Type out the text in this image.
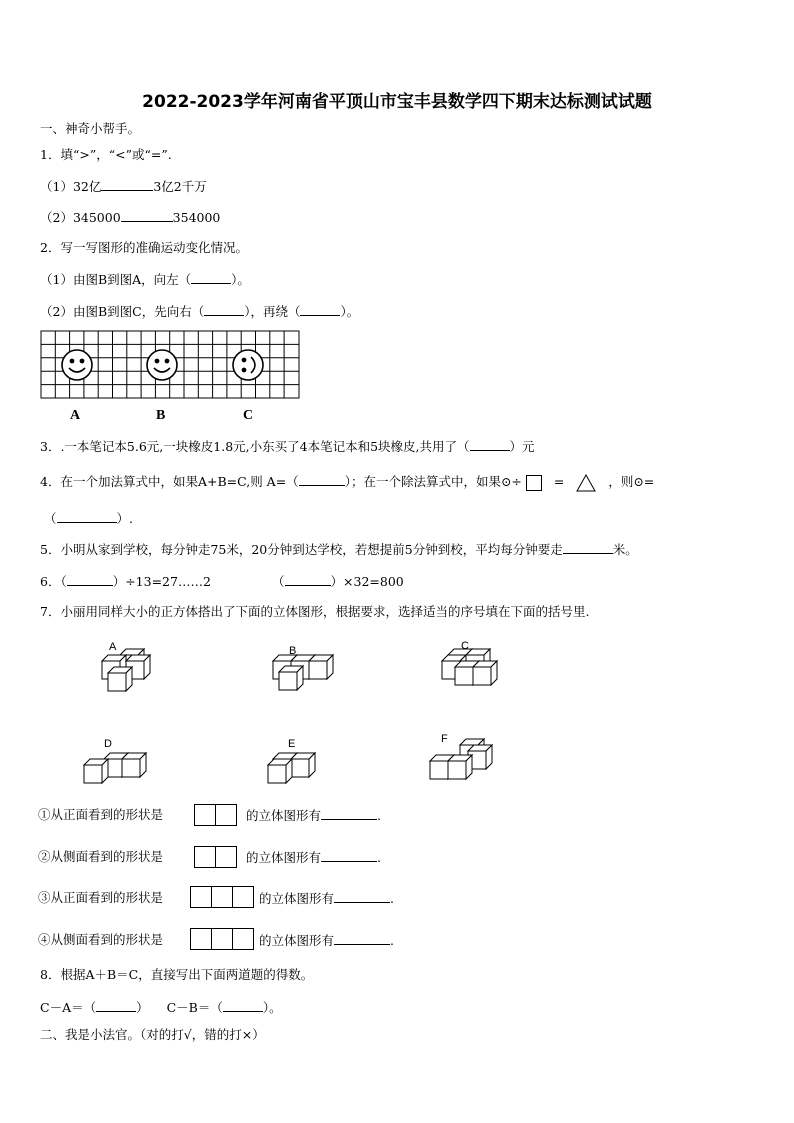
2022-2023学年河南省平顶山市宝丰县数学四下期末达标测试试题
一、神奇小帮手。
1．填“>”，“<”或“=”.
（1）32亿	3亿2千万
（2）345000	354000
2．写一写图形的准确运动变化情况。
（1）由图B到图A，向左（	）。
（2）由图B到图C，先向右（	），再绕（	）。
A	B	C
3．.一本笔记本5.6元,一块橡皮1.8元,小东买了4本笔记本和5块橡皮,共用了（	）元
4．在一个加法算式中，如果A+B=C,则 A=（	）；在一个除法算式中，如果⊙÷	=	，则⊙=
（	）.
5．小明从家到学校，每分钟走75米，20分钟到达学校，若想提前5分钟到校，平均每分钟要走	米。
6．（	）÷13=27……2	（	）×32=800
7．小丽用同样大小的正方体搭出了下面的立体图形，根据要求，选择适当的序号填在下面的括号里.
A	B	C
D	E	F
①从正面看到的形状是	的立体图形有	.
②从侧面看到的形状是	的立体图形有	.
③从正面看到的形状是	的立体图形有	.
④从侧面看到的形状是	的立体图形有	.
8．根据A＋B＝C，直接写出下面两道题的得数。
C－A＝（	） C－B＝（	）。
二、我是小法官。（对的打√，错的打×）
